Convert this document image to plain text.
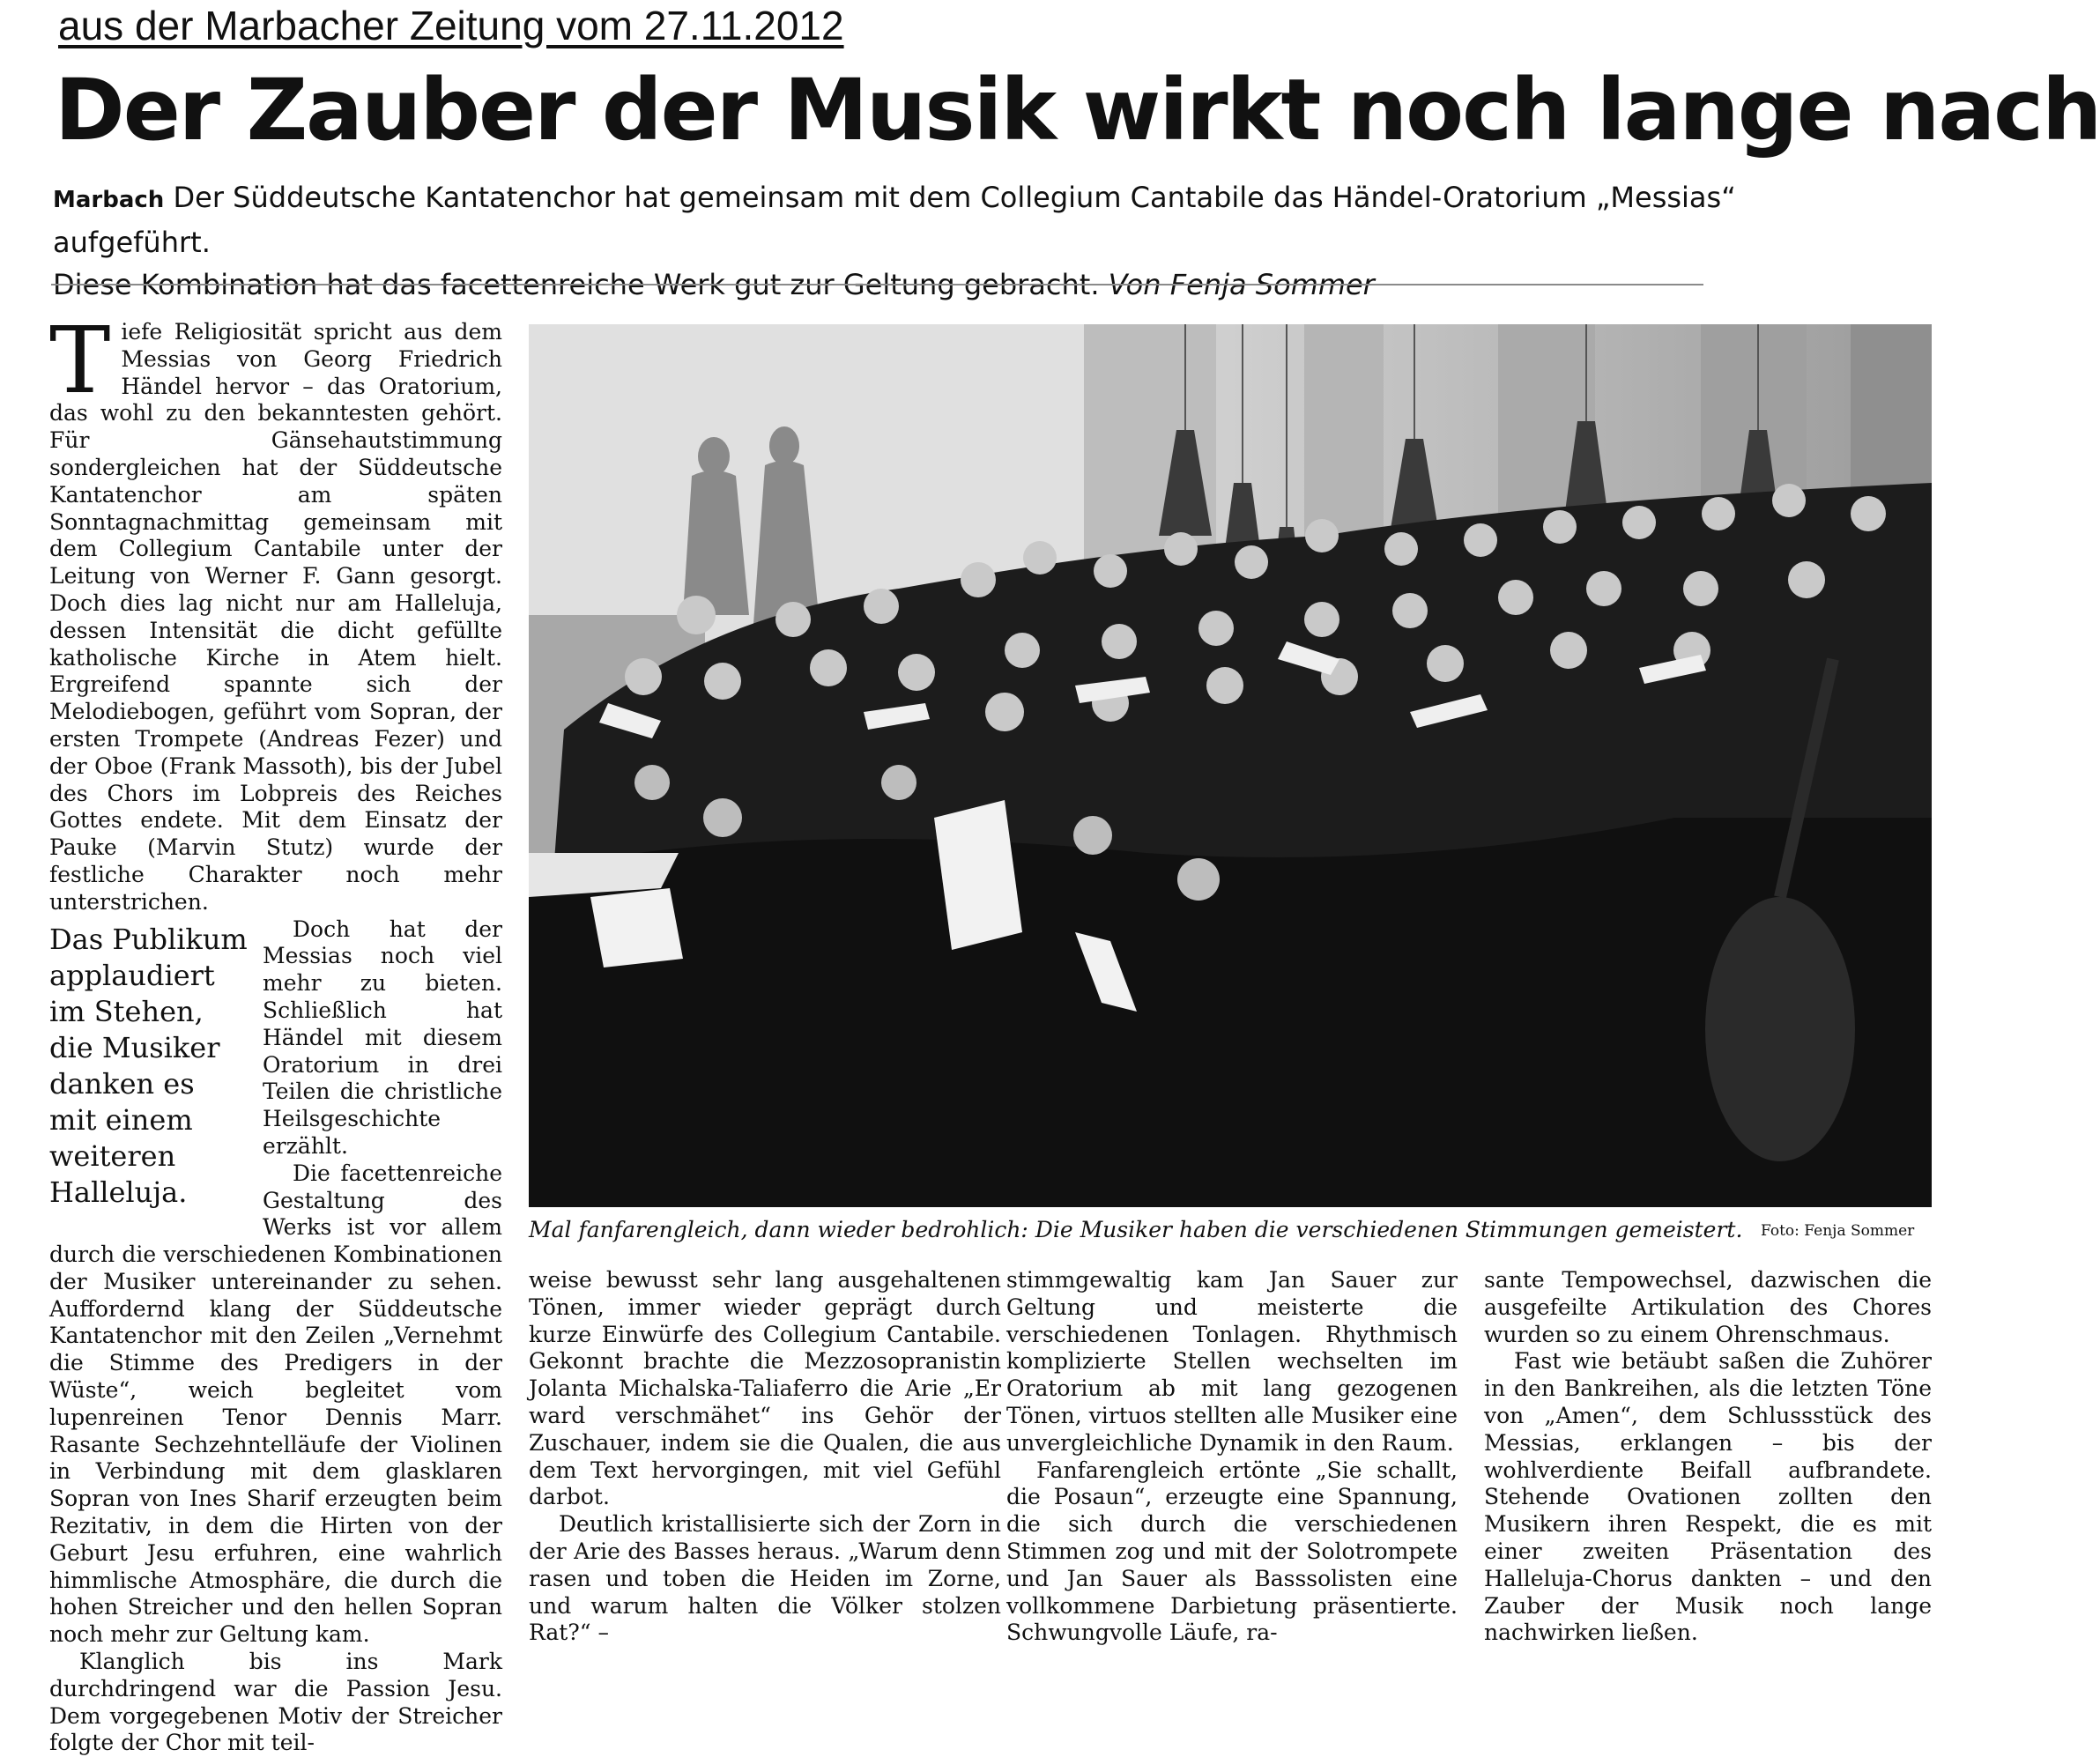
aus der Marbacher Zeitung vom 27.11.2012
Der Zauber der Musik wirkt noch lange nach
Marbach Der Süddeutsche Kantatenchor hat gemeinsam mit dem Collegium Cantabile das Händel-Oratorium „Messias“ aufgeführt.
Diese Kombination hat das facettenreiche Werk gut zur Geltung gebracht. Von Fenja Sommer

Tiefe Religiosität spricht aus dem Messias von Georg Friedrich Händel hervor – das Oratorium, das wohl zu den bekanntesten gehört. Für Gänsehautstimmung sondergleichen hat der Süddeutsche Kantatenchor am späten Sonntagnachmittag gemeinsam mit dem Collegium Cantabile unter der Leitung von Werner F. Gann gesorgt. Doch dies lag nicht nur am Halleluja, dessen Intensität die dicht gefüllte katholische Kirche in Atem hielt. Ergreifend spannte sich der Melodiebogen, geführt vom Sopran, der ersten Trompete (Andreas Fezer) und der Oboe (Frank Massoth), bis der Jubel des Chors im Lobpreis des Reiches Gottes endete. Mit dem Einsatz der Pauke (Marvin Stutz) wurde der festliche Charakter noch mehr unterstrichen.

Das Publikum applaudiert im Stehen, die Musiker danken es mit einem weiteren Halleluja.

Doch hat der Messias noch viel mehr zu bieten. Schließlich hat Händel mit diesem Oratorium in drei Teilen die christliche Heilsgeschichte erzählt.

Die facettenreiche Gestaltung des Werks ist vor allem durch die verschiedenen Kombinationen der Musiker untereinander zu sehen. Auffordernd klang der Süddeutsche Kantatenchor mit den Zeilen „Vernehmt die Stimme des Predigers in der Wüste“, weich begleitet vom lupenreinen Tenor Dennis Marr. Rasante Sechzehntelläufe der Violinen in Verbindung mit dem glasklaren Sopran von Ines Sharif erzeugten beim Rezitativ, in dem die Hirten von der Geburt Jesu erfuhren, eine wahrlich himmlische Atmosphäre, die durch die hohen Streicher und den hellen Sopran noch mehr zur Geltung kam.

Klanglich bis ins Mark durchdringend war die Passion Jesu. Dem vorgegebenen Motiv der Streicher folgte der Chor mit teil-

Mal fanfarengleich, dann wieder bedrohlich: Die Musiker haben die verschiedenen Stimmungen gemeistert. Foto: Fenja Sommer

weise bewusst sehr lang ausgehaltenen Tönen, immer wieder geprägt durch kurze Einwürfe des Collegium Cantabile. Gekonnt brachte die Mezzosopranistin Jolanta Michalska-Taliaferro die Arie „Er ward verschmähet“ ins Gehör der Zuschauer, indem sie die Qualen, die aus dem Text hervorgingen, mit viel Gefühl darbot.

Deutlich kristallisierte sich der Zorn in der Arie des Basses heraus. „Warum denn rasen und toben die Heiden im Zorne, und warum halten die Völker stolzen Rat?“ –

stimmgewaltig kam Jan Sauer zur Geltung und meisterte die verschiedenen Tonlagen. Rhythmisch komplizierte Stellen wechselten im Oratorium ab mit lang gezogenen Tönen, virtuos stellten alle Musiker eine unvergleichliche Dynamik in den Raum.

Fanfarengleich ertönte „Sie schallt, die Posaun“, erzeugte eine Spannung, die sich durch die verschiedenen Stimmen zog und mit der Solotrompete und Jan Sauer als Basssolisten eine vollkommene Darbietung präsentierte. Schwungvolle Läufe, ra-

sante Tempowechsel, dazwischen die ausgefeilte Artikulation des Chores wurden so zu einem Ohrenschmaus.

Fast wie betäubt saßen die Zuhörer in den Bankreihen, als die letzten Töne von „Amen“, dem Schlussstück des Messias, erklangen – bis der wohlverdiente Beifall aufbrandete. Stehende Ovationen zollten den Musikern ihren Respekt, die es mit einer zweiten Präsentation des Halleluja-Chorus dankten – und den Zauber der Musik noch lange nachwirken ließen.
